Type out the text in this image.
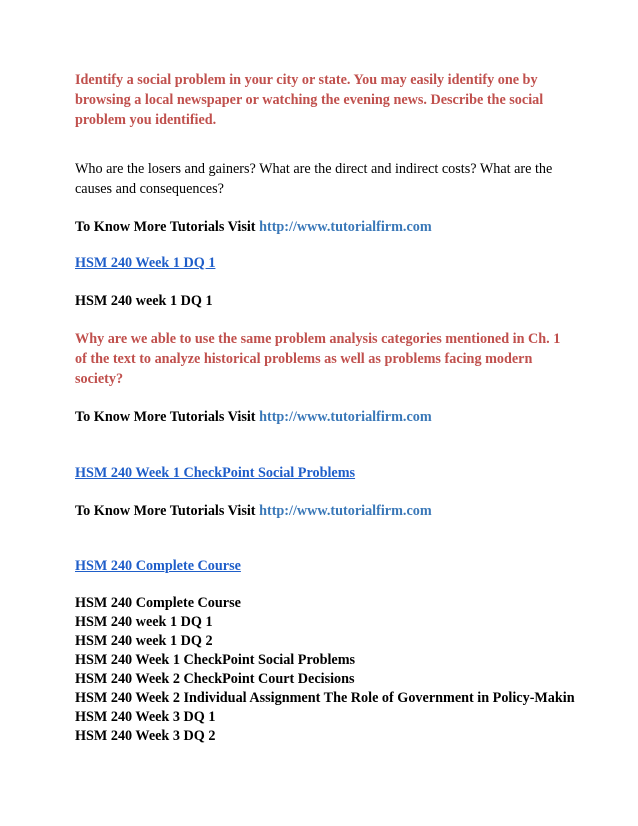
Identify a social problem in your city or state. You may easily identify one by browsing a local newspaper or watching the evening news. Describe the social problem you identified.

Who are the losers and gainers? What are the direct and indirect costs? What are the causes and consequences?

To Know More Tutorials Visit http://www.tutorialfirm.com

HSM 240 Week 1 DQ 1

HSM 240 week 1 DQ 1

Why are we able to use the same problem analysis categories mentioned in Ch. 1 of the text to analyze historical problems as well as problems facing modern society?

To Know More Tutorials Visit http://www.tutorialfirm.com

HSM 240 Week 1 CheckPoint Social Problems

To Know More Tutorials Visit http://www.tutorialfirm.com

HSM 240 Complete Course

HSM 240 Complete Course

HSM 240 week 1 DQ 1

HSM 240 week 1 DQ 2

HSM 240 Week 1 CheckPoint Social Problems

HSM 240 Week 2 CheckPoint Court Decisions

HSM 240 Week 2 Individual Assignment The Role of Government in Policy-Makin

HSM 240 Week 3 DQ 1

HSM 240 Week 3 DQ 2
